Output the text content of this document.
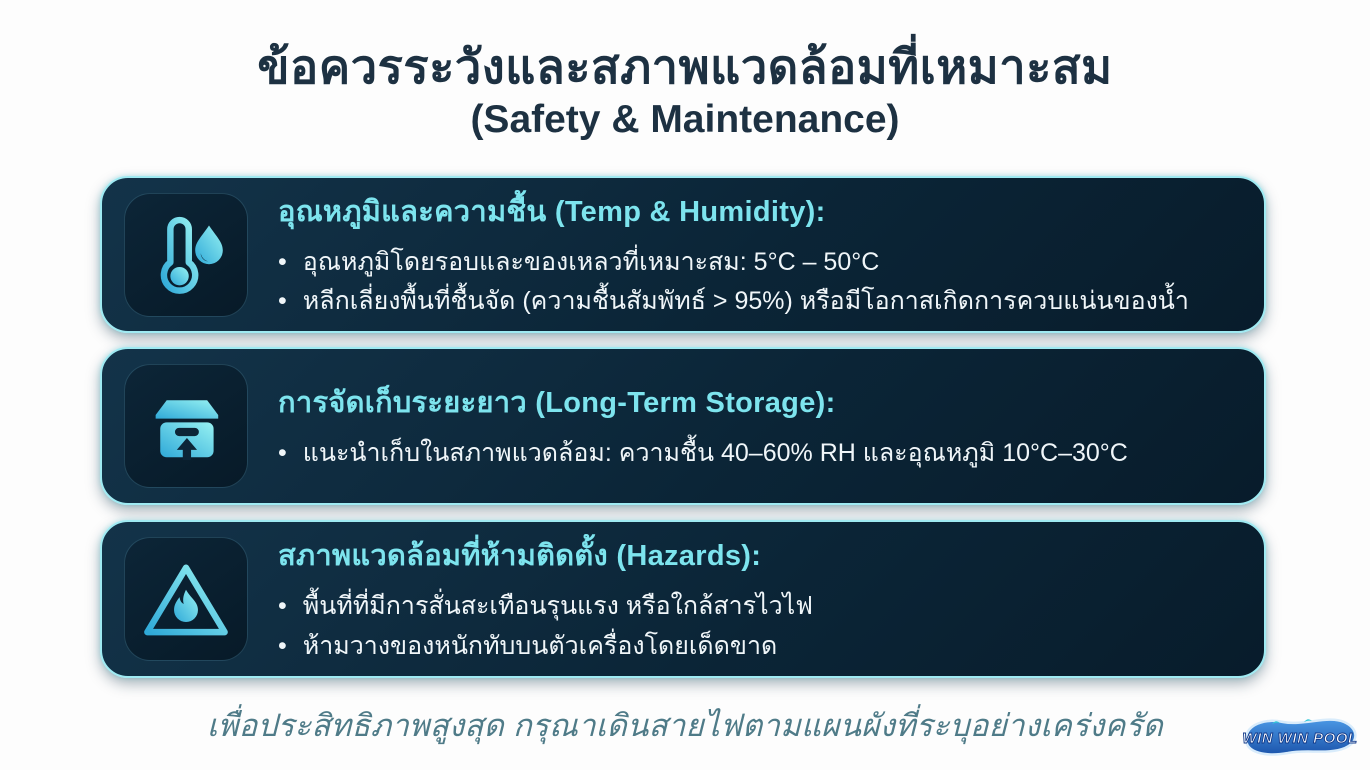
ข้อควรระวังและสภาพแวดล้อมที่เหมาะสม
(Safety & Maintenance)
อุณหภูมิและความชื้น (Temp & Humidity):
• อุณหภูมิโดยรอบและของเหลวที่เหมาะสม: 5°C – 50°C
• หลีกเลี่ยงพื้นที่ชื้นจัด (ความชื้นสัมพัทธ์ > 95%) หรือมีโอกาสเกิดการควบแน่นของน้ำ
การจัดเก็บระยะยาว (Long-Term Storage):
• แนะนำเก็บในสภาพแวดล้อม: ความชื้น 40–60% RH และอุณหภูมิ 10°C–30°C
สภาพแวดล้อมที่ห้ามติดตั้ง (Hazards):
• พื้นที่ที่มีการสั่นสะเทือนรุนแรง หรือใกล้สารไวไฟ
• ห้ามวางของหนักทับบนตัวเครื่องโดยเด็ดขาด
เพื่อประสิทธิภาพสูงสุด กรุณาเดินสายไฟตามแผนผังที่ระบุอย่างเคร่งครัด	WIN WIN POOL
